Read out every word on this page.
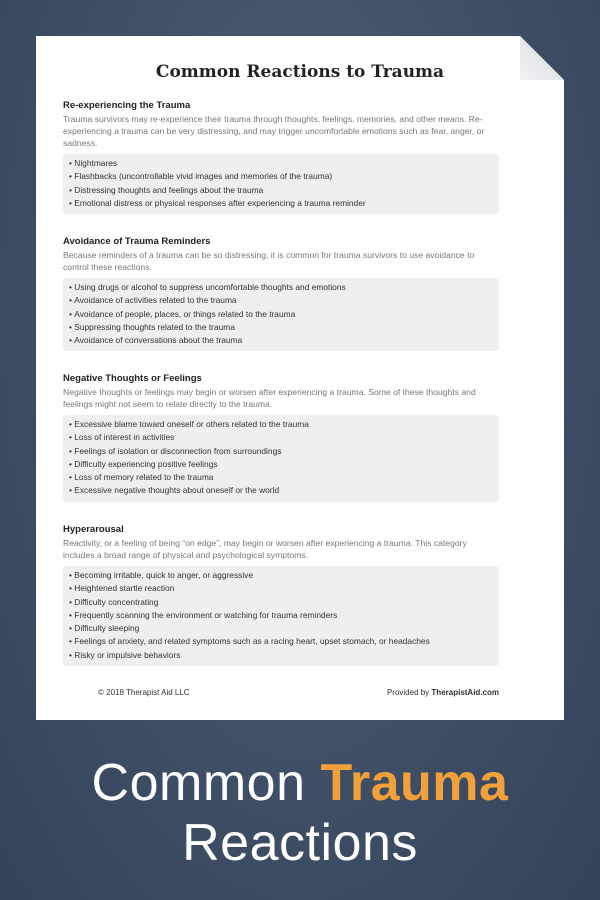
Common Reactions to Trauma
Re-experiencing the Trauma
Trauma survivors may re-experience their trauma through thoughts, feelings, memories, and other means. Re-experiencing a trauma can be very distressing, and may trigger uncomfortable emotions such as fear, anger, or sadness.
• Nightmares
• Flashbacks (uncontrollable vivid images and memories of the trauma)
• Distressing thoughts and feelings about the trauma
• Emotional distress or physical responses after experiencing a trauma reminder
Avoidance of Trauma Reminders
Because reminders of a trauma can be so distressing, it is common for trauma survivors to use avoidance to control these reactions.
• Using drugs or alcohol to suppress uncomfortable thoughts and emotions
• Avoidance of activities related to the trauma
• Avoidance of people, places, or things related to the trauma
• Suppressing thoughts related to the trauma
• Avoidance of conversations about the trauma
Negative Thoughts or Feelings
Negative thoughts or feelings may begin or worsen after experiencing a trauma. Some of these thoughts and feelings might not seem to relate directly to the trauma.
• Excessive blame toward oneself or others related to the trauma
• Loss of interest in activities
• Feelings of isolation or disconnection from surroundings
• Difficulty experiencing positive feelings
• Loss of memory related to the trauma
• Excessive negative thoughts about oneself or the world
Hyperarousal
Reactivity, or a feeling of being “on edge”, may begin or worsen after experiencing a trauma. This category includes a broad range of physical and psychological symptoms.
• Becoming irritable, quick to anger, or aggressive
• Heightened startle reaction
• Difficulty concentrating
• Frequently scanning the environment or watching for trauma reminders
• Difficulty sleeping
• Feelings of anxiety, and related symptoms such as a racing heart, upset stomach, or headaches
• Risky or impulsive behaviors
© 2018 Therapist Aid LLC	Provided by TherapistAid.com
Common Trauma
Reactions
